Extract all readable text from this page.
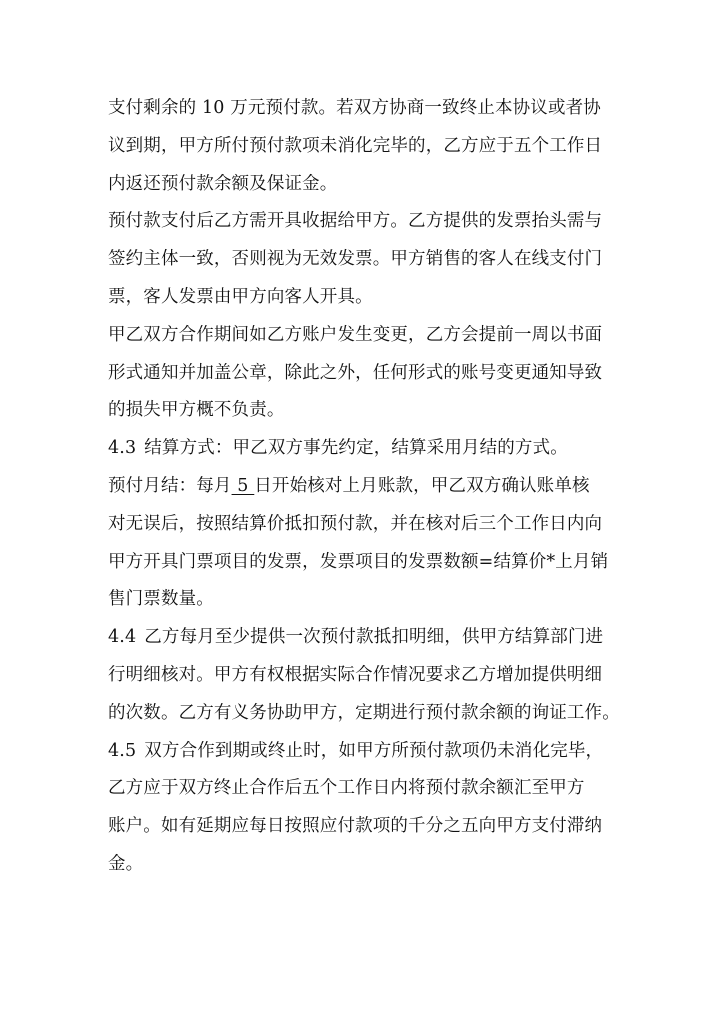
支付剩余的 10 万元预付款。若双方协商一致终止本协议或者协
议到期，甲方所付预付款项未消化完毕的，乙方应于五个工作日
内返还预付款余额及保证金。
预付款支付后乙方需开具收据给甲方。乙方提供的发票抬头需与
签约主体一致，否则视为无效发票。甲方销售的客人在线支付门
票，客人发票由甲方向客人开具。
甲乙双方合作期间如乙方账户发生变更，乙方会提前一周以书面
形式通知并加盖公章，除此之外，任何形式的账号变更通知导致
的损失甲方概不负责。
4.3 结算方式：甲乙双方事先约定，结算采用月结的方式。
预付月结：每月 5 日开始核对上月账款，甲乙双方确认账单核
对无误后，按照结算价抵扣预付款，并在核对后三个工作日内向
甲方开具门票项目的发票，发票项目的发票数额=结算价*上月销
售门票数量。
4.4 乙方每月至少提供一次预付款抵扣明细，供甲方结算部门进
行明细核对。甲方有权根据实际合作情况要求乙方增加提供明细
的次数。乙方有义务协助甲方，定期进行预付款余额的询证工作。
4.5 双方合作到期或终止时，如甲方所预付款项仍未消化完毕，
乙方应于双方终止合作后五个工作日内将预付款余额汇至甲方
账户。如有延期应每日按照应付款项的千分之五向甲方支付滞纳
金。
